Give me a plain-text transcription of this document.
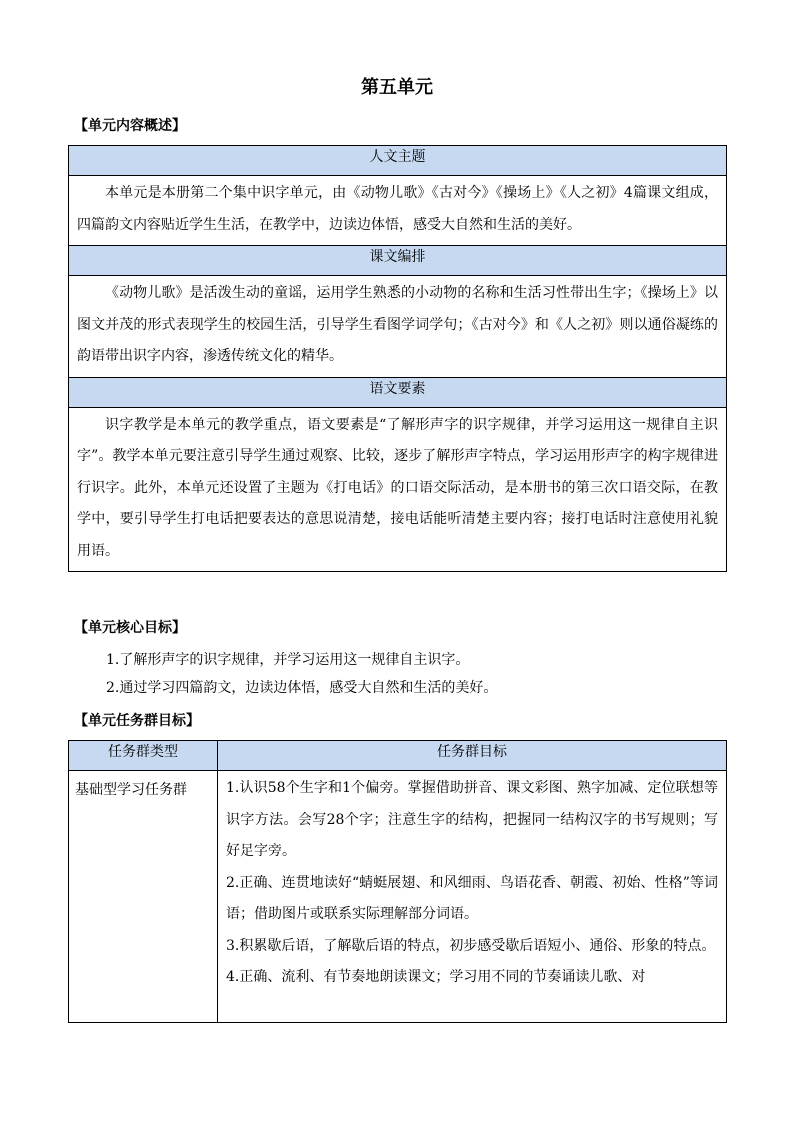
第五单元
【单元内容概述】
人文主题

本单元是本册第二个集中识字单元，由《动物儿歌》《古对今》《操场上》《人之初》4篇课文组成，四篇韵文内容贴近学生生活，在教学中，边读边体悟，感受大自然和生活的美好。

课文编排

《动物儿歌》是活泼生动的童谣，运用学生熟悉的小动物的名称和生活习性带出生字；《操场上》以图文并茂的形式表现学生的校园生活，引导学生看图学词学句；《古对今》和《人之初》则以通俗凝练的韵语带出识字内容，渗透传统文化的精华。

语文要素

识字教学是本单元的教学重点，语文要素是“了解形声字的识字规律，并学习运用这一规律自主识字”。教学本单元要注意引导学生通过观察、比较，逐步了解形声字特点，学习运用形声字的构字规律进行识字。此外，本单元还设置了主题为《打电话》的口语交际活动，是本册书的第三次口语交际，在教学中，要引导学生打电话把要表达的意思说清楚，接电话能听清楚主要内容；接打电话时注意使用礼貌用语。

【单元核心目标】
1.了解形声字的识字规律，并学习运用这一规律自主识字。
2.通过学习四篇韵文，边读边体悟，感受大自然和生活的美好。
【单元任务群目标】
任务群类型	任务群目标
基础型学习任务群	1.认识58个生字和1个偏旁。掌握借助拼音、课文彩图、熟字加减、定位联想等识字方法。会写28个字；注意生字的结构，把握同一结构汉字的书写规则；写好足字旁。

2.正确、连贯地读好“蜻蜓展翅、和风细雨、鸟语花香、朝霞、初始、性格”等词语；借助图片或联系实际理解部分词语。

3.积累歇后语，了解歇后语的特点，初步感受歇后语短小、通俗、形象的特点。

4.正确、流利、有节奏地朗读课文；学习用不同的节奏诵读儿歌、对
